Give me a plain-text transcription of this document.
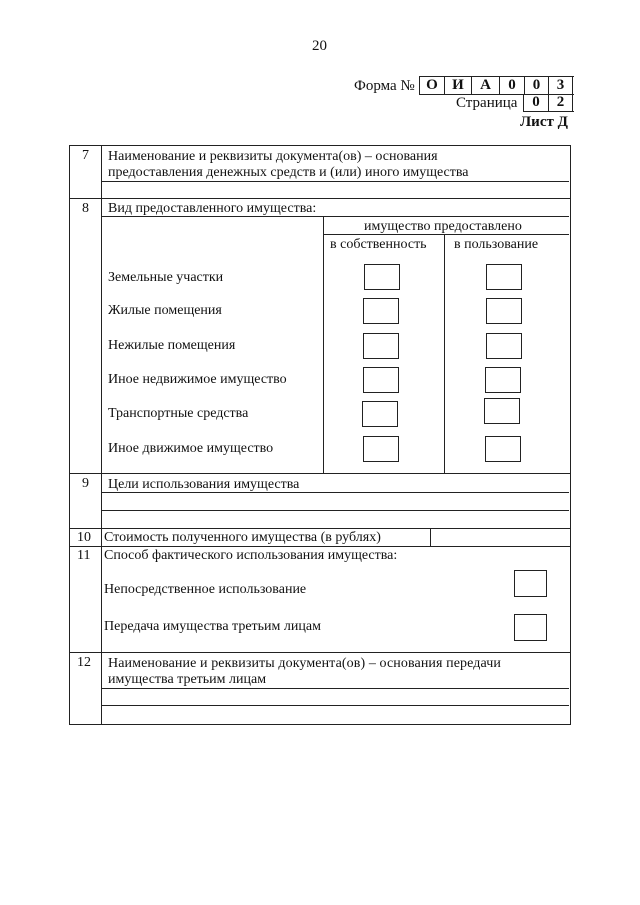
20
Форма № О И	А	0	0	3
Страница 0	2
Лист Д
7 Наименование и реквизиты документа(ов) – основания
предоставления денежных средств и (или) иного имущества
8 Вид предоставленного имущества:
имущество предоставлено
в собственность в пользование
Земельные участки
Жилые помещения
Нежилые помещения
Иное недвижимое имущество
Транспортные средства
Иное движимое имущество
9 Цели использования имущества
10 Стоимость полученного имущества (в рублях)
11 Способ фактического использования имущества:
Непосредственное использование
Передача имущества третьим лицам
12 Наименование и реквизиты документа(ов) – основания передачи
имущества третьим лицам
